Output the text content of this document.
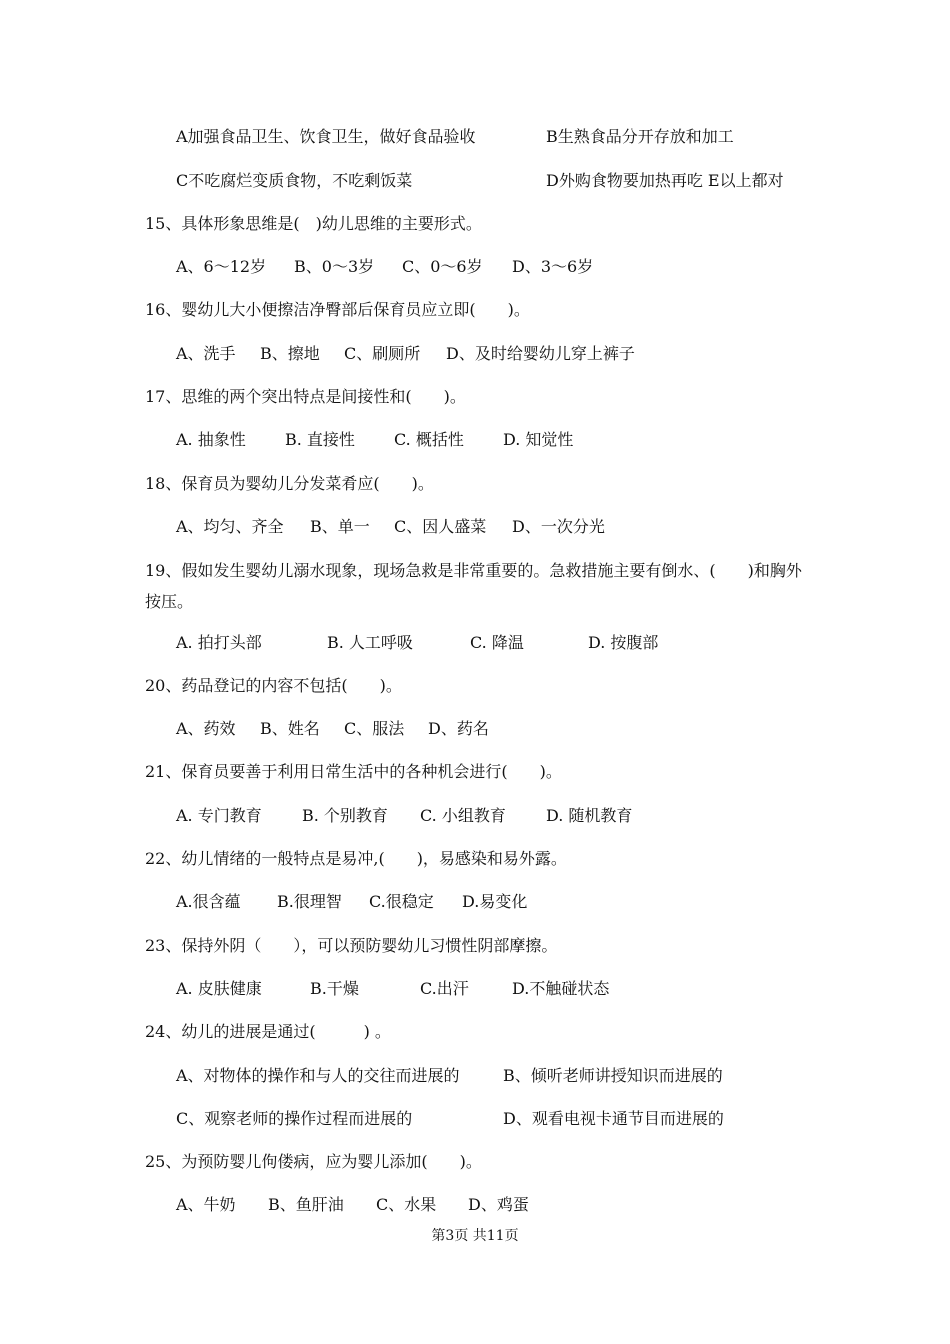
A加强食品卫生、饮食卫生，做好食品验收	B生熟食品分开存放和加工
C不吃腐烂变质食物，不吃剩饭菜	D外购食物要加热再吃 E以上都对
15、具体形象思维是(　)幼儿思维的主要形式。
A、6～12岁 B、0～3岁 C、0～6岁 D、3～6岁
16、婴幼儿大小便擦洁净臀部后保育员应立即(　　)。
A、洗手 B、擦地 C、刷厕所 D、及时给婴幼儿穿上裤子
17、思维的两个突出特点是间接性和(　　)。
A. 抽象性 B. 直接性 C. 概括性 D. 知觉性
18、保育员为婴幼儿分发菜肴应(　　)。
A、均匀、齐全 B、单一 C、因人盛菜 D、一次分光
19、假如发生婴幼儿溺水现象，现场急救是非常重要的。急救措施主要有倒水、(　　)和胸外按压。
A. 拍打头部	B. 人工呼吸	C. 降温	D. 按腹部
20、药品登记的内容不包括(　　)。
A、药效 B、姓名 C、服法 D、药名
21、保育员要善于利用日常生活中的各种机会进行(　　)。
A. 专门教育	B. 个别教育 C. 小组教育	D. 随机教育
22、幼儿情绪的一般特点是易冲,(　　)，易感染和易外露。
A.很含蕴 B.很理智 C.很稳定 D.易变化
23、保持外阴（　　），可以预防婴幼儿习惯性阴部摩擦。
A. 皮肤健康	B.干燥	C.出汗	D.不触碰状态
24、幼儿的进展是通过(　　　) 。
A、对物体的操作和与人的交往而进展的	B、倾听老师讲授知识而进展的
C、观察老师的操作过程而进展的	D、观看电视卡通节目而进展的
25、为预防婴儿佝偻病，应为婴儿添加(　　)。
A、牛奶 B、鱼肝油 C、水果 D、鸡蛋
第3页 共11页
